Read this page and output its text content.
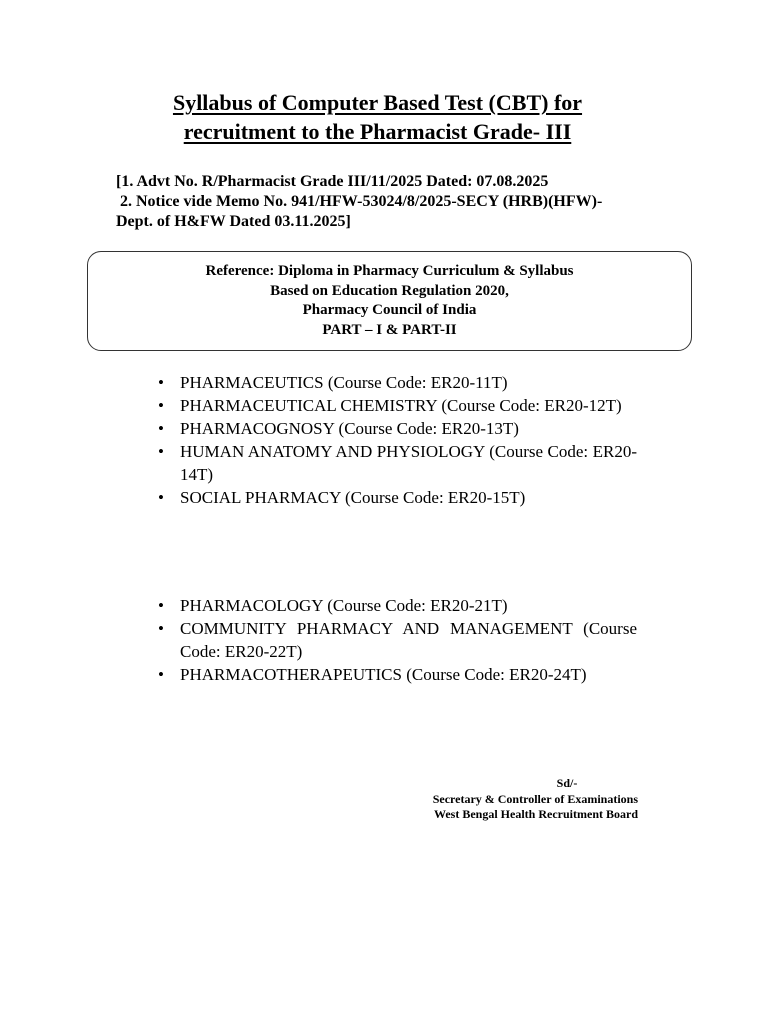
Syllabus of Computer Based Test (CBT) for
recruitment to the Pharmacist Grade- III
[1. Advt No. R/Pharmacist Grade III/11/2025 Dated: 07.08.2025
2. Notice vide Memo No. 941/HFW-53024/8/2025-SECY (HRB)(HFW)-
Dept. of H&FW Dated 03.11.2025]
Reference: Diploma in Pharmacy Curriculum & Syllabus
Based on Education Regulation 2020,
Pharmacy Council of India
PART – I & PART-II
• PHARMACEUTICS (Course Code: ER20-11T)
• PHARMACEUTICAL CHEMISTRY (Course Code: ER20-12T)
• PHARMACOGNOSY (Course Code: ER20-13T)
• HUMAN ANATOMY AND PHYSIOLOGY (Course Code: ER20-14T)
• SOCIAL PHARMACY (Course Code: ER20-15T)
• PHARMACOLOGY (Course Code: ER20-21T)
• COMMUNITY PHARMACY AND MANAGEMENT (Course Code: ER20-22T)
• PHARMACOTHERAPEUTICS (Course Code: ER20-24T)
Sd/-
Secretary & Controller of Examinations
West Bengal Health Recruitment Board
